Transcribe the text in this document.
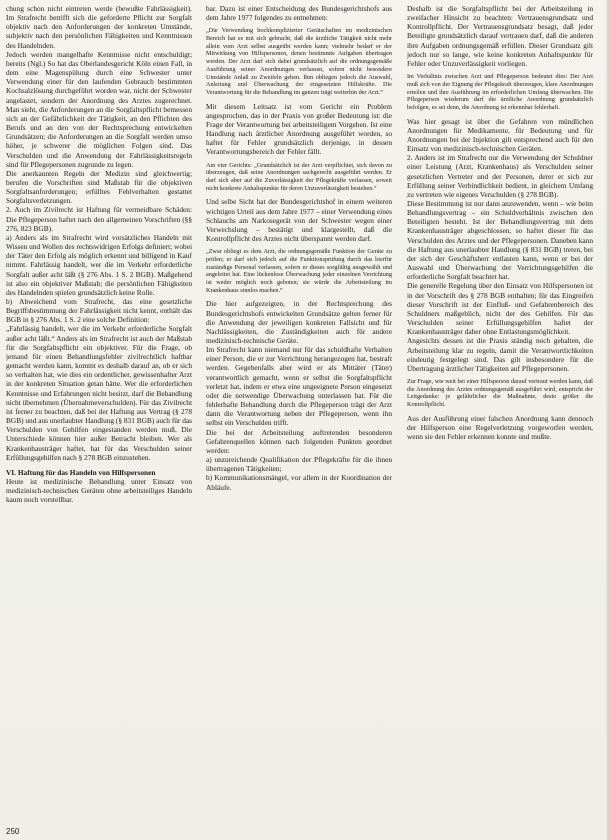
chung schon nicht eintreten werde (bewußte Fahrlässigkeit). Im Strafrecht betrifft sich die geforderte Pflicht zur Sorgfalt objektiv nach den Anforderungen der konkreten Umstände, subjektiv nach den persönlichen Fähigkeiten und Kenntnissen des Handelnden.

Jedoch werden mangelhafte Kenntnisse nicht entschuldigt; bereits (Ngl.) So hat das Oberlandesgericht Köln einen Fall, in dem eine Magenspülung durch eine Schwester unter Verwendung einer für den laufenden Gebrauch bestimmten Kochsalzlösung durchgeführt worden war, nicht der Schwester angelastet, sondern der Anordnung des Arztes zugerechnet. Man sieht, die Anforderungen an die Sorgfaltspflicht bemessen sich an der Gefährlichkeit der Tätigkeit, an den Pflichten des Berufs und an den von der Rechtsprechung entwickelten Grundsätzen; die Anforderungen an die Sorgfalt werden umso höher, je schwerer die möglichen Folgen sind. Das Verschulden und die Anwendung der Fahrlässigkeitsregeln sind für Pflegepersonen zugrunde zu legen.

Die anerkannten Regeln der Medizin sind gleichwertig; berufen die Vorschriften sind Maßstab für die objektiven Sorgfaltsanforderungen; erfülltes Fehlverhalten gestattet Sorgfaltsverletzungen.

2. Auch im Zivilrecht ist Haftung für vermeidbare Schäden: Die Pflegeperson haftet nach den allgemeinen Vorschriften (§§ 276, 823 BGB).

a) Anders als im Strafrecht wird vorsätzliches Handeln mit Wissen und Wollen des rechtswidrigen Erfolgs definiert; wobei der Täter den Erfolg als möglich erkennt und billigend in Kauf nimmt. Fahrlässig handelt, wer die im Verkehr erforderliche Sorgfalt außer acht läßt (§ 276 Abs. 1 S. 2 BGB). Maßgebend ist also ein objektiver Maßstab; die persönlichen Fähigkeiten des Handelnden spielen grundsätzlich keine Rolle.

b) Abweichend vom Strafrecht, das eine gesetzliche Begriffsbestimmung der Fahrlässigkeit nicht kennt, enthält das BGB in § 276 Abs. 1 S. 2 eine solche Definition:

„Fahrlässig handelt, wer die im Verkehr erforderliche Sorgfalt außer acht läßt.“ Anders als im Strafrecht ist auch der Maßstab für die Sorgfaltspflicht ein objektiver. Für die Frage, ob jemand für einen Behandlungsfehler zivilrechtlich haftbar gemacht werden kann, kommt es deshalb darauf an, ob er sich so verhalten hat, wie dies ein ordentlicher, gewissenhafter Arzt in der konkreten Situation getan hätte. Wer die erforderlichen Kenntnisse und Erfahrungen nicht besitzt, darf die Behandlung nicht übernehmen (Übernahmeverschulden). Für das Zivilrecht ist ferner zu beachten, daß bei der Haftung aus Vertrag (§ 278 BGB) und aus unerlaubter Handlung (§ 831 BGB) auch für das Verschulden von Gehilfen eingestanden werden muß. Die Unterschiede können hier außer Betracht bleiben. Wer als Krankenhausträger haftet, hat für das Verschulden seiner Erfüllungsgehilfen nach § 278 BGB einzustehen.

VI. Haftung für das Handeln von Hilfspersonen

Heute ist medizinische Behandlung unter Einsatz von medizinisch-technischen Geräten ohne arbeitsteiliges Handeln kaum noch vorstellbar.

bar. Dazu ist einer Entscheidung des Bundesgerichtshofs aus dem Jahre 1977 folgendes zu entnehmen:

„Die Verwendung hochkomplizierter Gerätschaften im medizinischen Bereich hat es mit sich gebracht, daß die ärztliche Tätigkeit nicht mehr allein vom Arzt selbst ausgeübt werden kann; vielmehr bedarf er der Mitwirkung von Hilfspersonen, denen bestimmte Aufgaben übertragen werden. Der Arzt darf sich dabei grundsätzlich auf die ordnungsgemäße Ausführung seiner Anordnungen verlassen, sofern nicht besondere Umstände Anlaß zu Zweifeln geben. Ihm obliegen jedoch die Auswahl, Anleitung und Überwachung der eingesetzten Hilfskräfte. Die Verantwortung für die Behandlung im ganzen trägt weiterhin der Arzt.“

Mit diesem Leitsatz ist vom Gericht ein Problem angesprochen, das in der Praxis von großer Bedeutung ist: die Frage der Verantwortung bei arbeitsteiligem Vorgehen. Ist eine Handlung nach ärztlicher Anordnung ausgeführt worden, so haftet für Fehler grundsätzlich derjenige, in dessen Verantwortungsbereich der Fehler fällt.

Am vier Gerichts: „Grundsätzlich ist der Arzt verpflichtet, sich davon zu überzeugen, daß seine Anordnungen sachgerecht ausgeführt werden. Er darf sich aber auf die Zuverlässigkeit der Pflegekräfte verlassen, soweit nicht konkrete Anhaltspunkte für deren Unzuverlässigkeit bestehen.“

Und selbe Sicht hat der Bundesgerichtshof in einem weiteren wichtigen Urteil aus dem Jahre 1977 – einer Verwendung eines Schlauchs am Narkosegerät von der Schwester wegen einer Verwechslung – bestätigt und klargestellt, daß die Kontrollpflicht des Arztes nicht überspannt werden darf.

„Zwar obliegt es dem Arzt, die ordnungsgemäße Funktion der Geräte zu prüfen; er darf sich jedoch auf die Funktionsprüfung durch das hierfür zuständige Personal verlassen, sofern er dieses sorgfältig ausgewählt und angeleitet hat. Eine lückenlose Überwachung jeder einzelnen Verrichtung ist weder möglich noch geboten; sie würde die Arbeitsteilung im Krankenhaus sinnlos machen.“

Die hier aufgezeigten, in der Rechtsprechung des Bundesgerichtshofs entwickelten Grundsätze gelten ferner für die Anwendung der jeweiligen konkreten Fallsicht und für Nachlässigkeiten, die Zuständigkeiten auch für andere medizinisch-technische Geräte.

Im Strafrecht kann niemand nur für das schuldhafte Verhalten einer Person, die er zur Verrichtung herangezogen hat, bestraft werden. Gegebenfalls aber wird er als Mittäter (Täter) verantwortlich gemacht, wenn er selbst die Sorgfaltspflicht verletzt hat, indem er etwa eine ungeeignete Person eingesetzt oder die notwendige Überwachung unterlassen hat. Für die fehlerhafte Behandlung durch die Pflegeperson trägt der Arzt dann die Verantwortung neben der Pflegeperson, wenn ihn selbst ein Verschulden trifft.

Die bei der Arbeitsteilung auftretenden besonderen Gefahrenquellen können nach folgenden Punkten geordnet werden:

a) unzureichende Qualifikation der Pflegekräfte für die ihnen übertragenen Tätigkeiten;

b) Kommunikationsmängel, vor allem in der Koordination der Abläufe.

Deshalb ist die Sorgfaltspflicht bei der Arbeitsteilung in zweifacher Hinsicht zu beachten: Vertrauensgrundsatz und Kontrollpflicht. Der Vertrauensgrundsatz besagt, daß jeder Beteiligte grundsätzlich darauf vertrauen darf, daß die anderen ihre Aufgaben ordnungsgemäß erfüllen. Dieser Grundsatz gilt jedoch nur so lange, wie keine konkreten Anhaltspunkte für Fehler oder Unzuverlässigkeit vorliegen.

Im Verhältnis zwischen Arzt und Pflegeperson bedeutet dies: Der Arzt muß sich von der Eignung der Pflegekraft überzeugen, klare Anordnungen erteilen und ihre Ausführung im erforderlichen Umfang überwachen. Die Pflegeperson wiederum darf die ärztliche Anordnung grundsätzlich befolgen, es sei denn, die Anordnung ist erkennbar fehlerhaft.

Was hier gesagt ist über die Gefahren von mündlichen Anordnungen für Medikamente, für Bedeutung und für Anordnungen bei der Injektion gilt entsprechend auch für den Einsatz von medizinisch-technischen Geräten.

2. Anders ist im Strafrecht nur die Verwendung der Schuldner einer Leistung (Arzt, Krankenhaus) als Verschulden seiner gesetzlichen Vertreter und der Personen, derer er sich zur Erfüllung seiner Verbindlichkeit bedient, in gleichem Umfang zu vertreten wie eigenes Verschulden (§ 278 BGB).

Diese Bestimmung ist nur dann anzuwenden, wenn – wie beim Behandlungsvertrag – ein Schuldverhältnis zwischen den Beteiligten besteht. Ist der Behandlungsvertrag mit dem Krankenhausträger abgeschlossen, so haftet dieser für das Verschulden des Arztes und der Pflegepersonen. Daneben kann die Haftung aus unerlaubter Handlung (§ 831 BGB) treten, bei der sich der Geschäftsherr entlasten kann, wenn er bei der Auswahl und Überwachung der Verrichtungsgehilfen die erforderliche Sorgfalt beachtet hat.

Die generelle Regelung über den Einsatz von Hilfspersonen ist in der Vorschrift des § 278 BGB enthalten; für das Eingreifen dieser Vorschrift ist der Einfluß- und Gefahrenbereich des Schuldners maßgeblich, nicht der des Gehilfen. Für das Verschulden seiner Erfüllungsgehilfen haftet der Krankenhausträger daher ohne Entlastungsmöglichkeit.

Angesichts dessen ist die Praxis ständig noch gehalten, die Arbeitsteilung klar zu regeln, damit die Verantwortlichkeiten eindeutig festgelegt sind. Das gilt insbesondere für die Übertragung ärztlicher Tätigkeiten auf Pflegepersonen.

Zur Frage, wie weit bei einer Hilfsperson darauf vertraut werden kann, daß die Anordnung des Arztes ordnungsgemäß ausgeführt wird, entspricht der Leitgedanke: je gefährlicher die Maßnahme, desto größer die Kontrollpflicht.

Aus der Ausführung einer falschen Anordnung kann dennoch der Hilfsperson eine Regelverletzung vorgeworfen werden, wenn sie den Fehler erkennen konnte und mußte.

250
